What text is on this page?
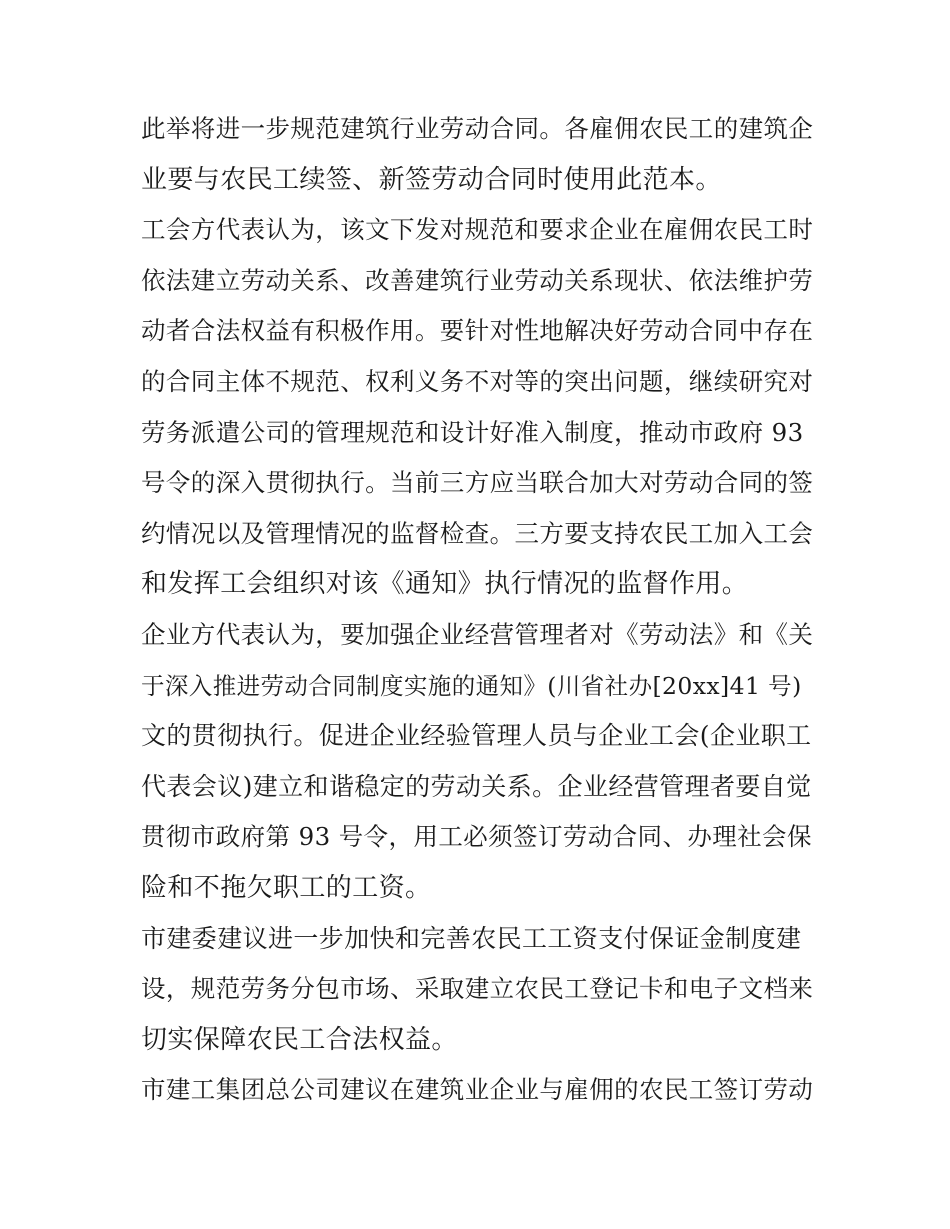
此举将进一步规范建筑行业劳动合同。各雇佣农民工的建筑企
业要与农民工续签、新签劳动合同时使用此范本。
工会方代表认为，该文下发对规范和要求企业在雇佣农民工时
依法建立劳动关系、改善建筑行业劳动关系现状、依法维护劳
动者合法权益有积极作用。要针对性地解决好劳动合同中存在
的合同主体不规范、权利义务不对等的突出问题，继续研究对
劳务派遣公司的管理规范和设计好准入制度，推动市政府 93
号令的深入贯彻执行。当前三方应当联合加大对劳动合同的签
约情况以及管理情况的监督检查。三方要支持农民工加入工会
和发挥工会组织对该《通知》执行情况的监督作用。
企业方代表认为，要加强企业经营管理者对《劳动法》和《关
于深入推进劳动合同制度实施的通知》(川省社办[20xx]41 号)
文的贯彻执行。促进企业经验管理人员与企业工会(企业职工
代表会议)建立和谐稳定的劳动关系。企业经营管理者要自觉
贯彻市政府第 93 号令，用工必须签订劳动合同、办理社会保
险和不拖欠职工的工资。
市建委建议进一步加快和完善农民工工资支付保证金制度建
设，规范劳务分包市场、采取建立农民工登记卡和电子文档来
切实保障农民工合法权益。
市建工集团总公司建议在建筑业企业与雇佣的农民工签订劳动
